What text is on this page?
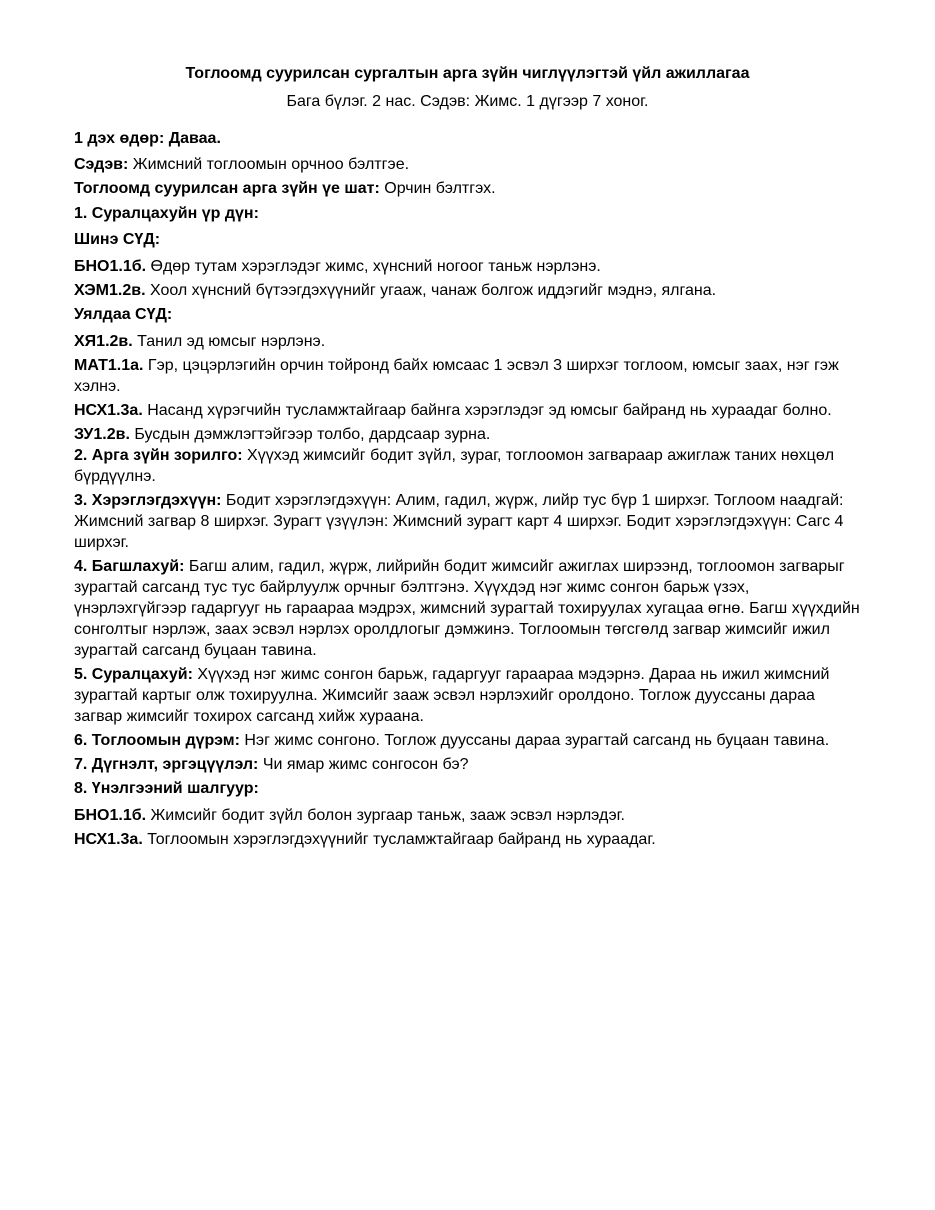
Тоглоомд суурилсан сургалтын арга зүйн чиглүүлэгтэй үйл ажиллагаа
Бага бүлэг. 2 нас. Сэдэв: Жимс. 1 дүгээр 7 хоног.

1 дэх өдөр: Даваа.

Сэдэв: Жимсний тоглоомын орчноо бэлтгэе.

Тоглоомд суурилсан арга зүйн үе шат: Орчин бэлтгэх.

1. Суралцахуйн үр дүн:

Шинэ СҮД:

БНО1.1б. Өдөр тутам хэрэглэдэг жимс, хүнсний ногоог таньж нэрлэнэ.

ХЭМ1.2в. Хоол хүнсний бүтээгдэхүүнийг угааж, чанаж болгож иддэгийг мэднэ, ялгана.

Уялдаа СҮД:

ХЯ1.2в. Танил эд юмсыг нэрлэнэ.

МАТ1.1а. Гэр, цэцэрлэгийн орчин тойронд байх юмсаас 1 эсвэл 3 ширхэг тоглоом, юмсыг заах, нэг гэж хэлнэ.

НСХ1.3а. Насанд хүрэгчийн тусламжтайгаар байнга хэрэглэдэг эд юмсыг байранд нь хураадаг болно.

ЗУ1.2в. Бусдын дэмжлэгтэйгээр толбо, дардсаар зурна.

2. Арга зүйн зорилго: Хүүхэд жимсийг бодит зүйл, зураг, тоглоомон загвараар ажиглаж таних нөхцөл бүрдүүлнэ.

3. Хэрэглэгдэхүүн: Бодит хэрэглэгдэхүүн: Алим, гадил, жүрж, лийр тус бүр 1 ширхэг. Тоглоом наадгай: Жимсний загвар 8 ширхэг. Зурагт үзүүлэн: Жимсний зурагт карт 4 ширхэг. Бодит хэрэглэгдэхүүн: Сагс 4 ширхэг.

4. Багшлахуй: Багш алим, гадил, жүрж, лийрийн бодит жимсийг ажиглах ширээнд, тоглоомон загварыг зурагтай сагсанд тус тус байрлуулж орчныг бэлтгэнэ. Хүүхдэд нэг жимс сонгон барьж үзэх, үнэрлэхгүйгээр гадаргууг нь гараараа мэдрэх, жимсний зурагтай тохируулах хугацаа өгнө. Багш хүүхдийн сонголтыг нэрлэж, заах эсвэл нэрлэх оролдлогыг дэмжинэ. Тоглоомын төгсгөлд загвар жимсийг ижил зурагтай сагсанд буцаан тавина.

5. Суралцахуй: Хүүхэд нэг жимс сонгон барьж, гадаргууг гараараа мэдэрнэ. Дараа нь ижил жимсний зурагтай картыг олж тохируулна. Жимсийг зааж эсвэл нэрлэхийг оролдоно. Тоглож дууссаны дараа загвар жимсийг тохирох сагсанд хийж хураана.

6. Тоглоомын дүрэм: Нэг жимс сонгоно. Тоглож дууссаны дараа зурагтай сагсанд нь буцаан тавина.

7. Дүгнэлт, эргэцүүлэл: Чи ямар жимс сонгосон бэ?

8. Үнэлгээний шалгуур:

БНО1.1б. Жимсийг бодит зүйл болон зургаар таньж, зааж эсвэл нэрлэдэг.

НСХ1.3а. Тоглоомын хэрэглэгдэхүүнийг тусламжтайгаар байранд нь хураадаг.
